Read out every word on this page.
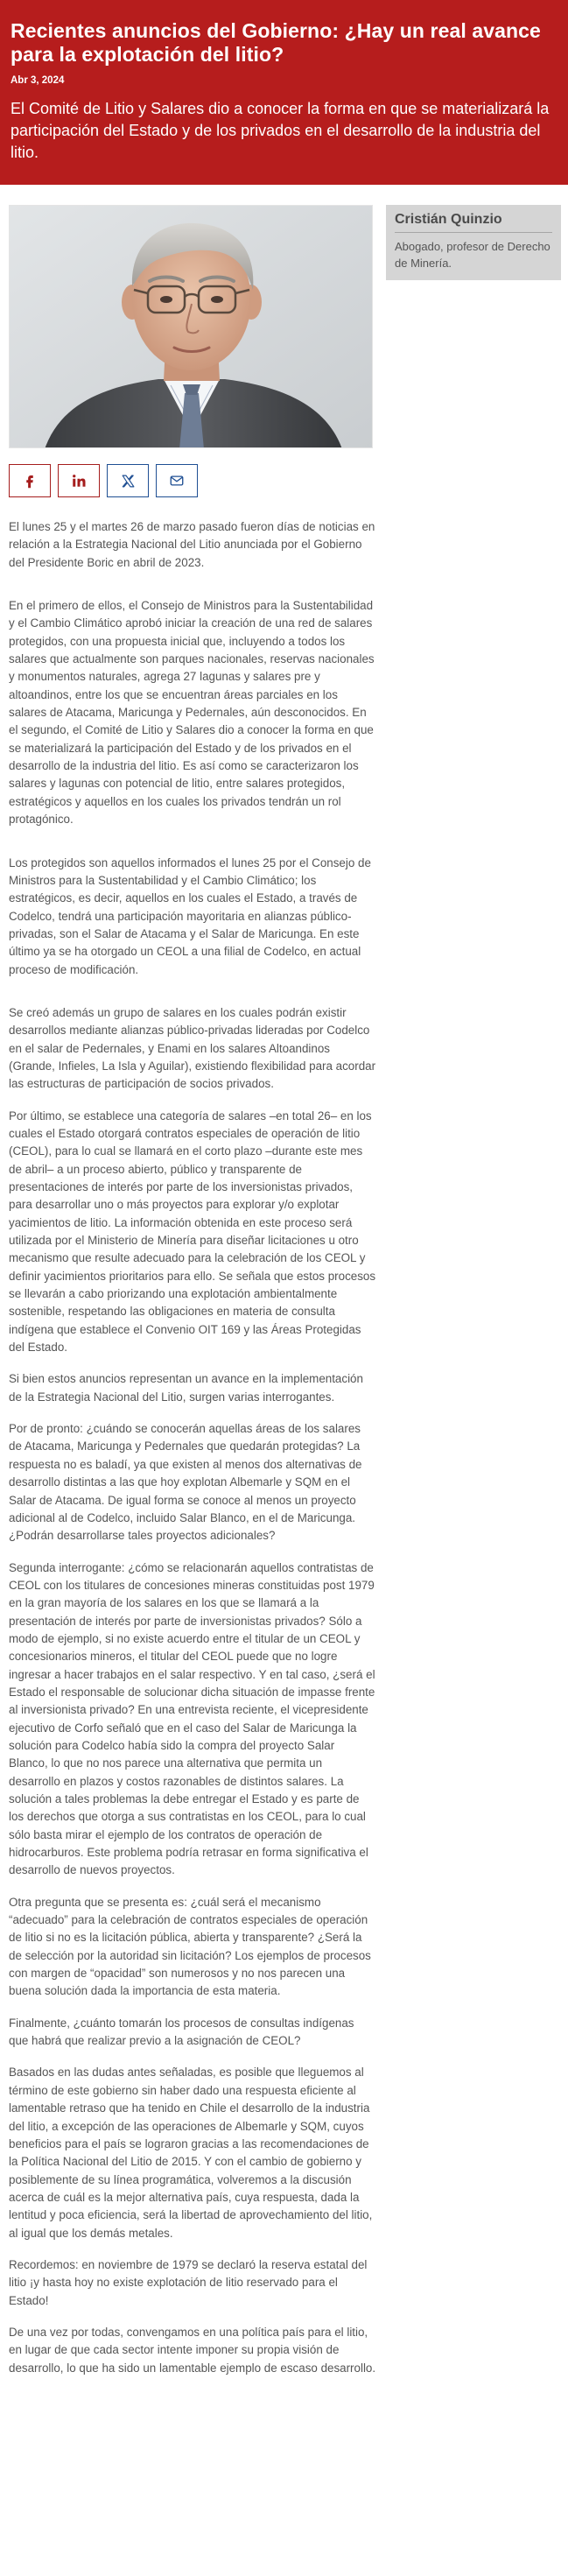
Recientes anuncios del Gobierno: ¿Hay un real avance para la explotación del litio?
Abr 3, 2024

El Comité de Litio y Salares dio a conocer la forma en que se materializará la participación del Estado y de los privados en el desarrollo de la industria del litio.

El lunes 25 y el martes 26 de marzo pasado fueron días de noticias en relación a la Estrategia Nacional del Litio anunciada por el Gobierno del Presidente Boric en abril de 2023.

En el primero de ellos, el Consejo de Ministros para la Sustentabilidad y el Cambio Climático aprobó iniciar la creación de una red de salares protegidos, con una propuesta inicial que, incluyendo a todos los salares que actualmente son parques nacionales, reservas nacionales y monumentos naturales, agrega 27 lagunas y salares pre y altoandinos, entre los que se encuentran áreas parciales en los salares de Atacama, Maricunga y Pedernales, aún desconocidos. En el segundo, el Comité de Litio y Salares dio a conocer la forma en que se materializará la participación del Estado y de los privados en el desarrollo de la industria del litio. Es así como se caracterizaron los salares y lagunas con potencial de litio, entre salares protegidos, estratégicos y aquellos en los cuales los privados tendrán un rol protagónico.

Los protegidos son aquellos informados el lunes 25 por el Consejo de Ministros para la Sustentabilidad y el Cambio Climático; los estratégicos, es decir, aquellos en los cuales el Estado, a través de Codelco, tendrá una participación mayoritaria en alianzas público-privadas, son el Salar de Atacama y el Salar de Maricunga. En este último ya se ha otorgado un CEOL a una filial de Codelco, en actual proceso de modificación.

Se creó además un grupo de salares en los cuales podrán existir desarrollos mediante alianzas público-privadas lideradas por Codelco en el salar de Pedernales, y Enami en los salares Altoandinos (Grande, Infieles, La Isla y Aguilar), existiendo flexibilidad para acordar las estructuras de participación de socios privados.

Por último, se establece una categoría de salares –en total 26– en los cuales el Estado otorgará contratos especiales de operación de litio (CEOL), para lo cual se llamará en el corto plazo –durante este mes de abril– a un proceso abierto, público y transparente de presentaciones de interés por parte de los inversionistas privados, para desarrollar uno o más proyectos para explorar y/o explotar yacimientos de litio. La información obtenida en este proceso será utilizada por el Ministerio de Minería para diseñar licitaciones u otro mecanismo que resulte adecuado para la celebración de los CEOL y definir yacimientos prioritarios para ello. Se señala que estos procesos se llevarán a cabo priorizando una explotación ambientalmente sostenible, respetando las obligaciones en materia de consulta indígena que establece el Convenio OIT 169 y las Áreas Protegidas del Estado.

Si bien estos anuncios representan un avance en la implementación de la Estrategia Nacional del Litio, surgen varias interrogantes.

Por de pronto: ¿cuándo se conocerán aquellas áreas de los salares de Atacama, Maricunga y Pedernales que quedarán protegidas? La respuesta no es baladí, ya que existen al menos dos alternativas de desarrollo distintas a las que hoy explotan Albemarle y SQM en el Salar de Atacama. De igual forma se conoce al menos un proyecto adicional al de Codelco, incluido Salar Blanco, en el de Maricunga. ¿Podrán desarrollarse tales proyectos adicionales?

Segunda interrogante: ¿cómo se relacionarán aquellos contratistas de CEOL con los titulares de concesiones mineras constituidas post 1979 en la gran mayoría de los salares en los que se llamará a la presentación de interés por parte de inversionistas privados? Sólo a modo de ejemplo, si no existe acuerdo entre el titular de un CEOL y concesionarios mineros, el titular del CEOL puede que no logre ingresar a hacer trabajos en el salar respectivo. Y en tal caso, ¿será el Estado el responsable de solucionar dicha situación de impasse frente al inversionista privado? En una entrevista reciente, el vicepresidente ejecutivo de Corfo señaló que en el caso del Salar de Maricunga la solución para Codelco había sido la compra del proyecto Salar Blanco, lo que no nos parece una alternativa que permita un desarrollo en plazos y costos razonables de distintos salares. La solución a tales problemas la debe entregar el Estado y es parte de los derechos que otorga a sus contratistas en los CEOL, para lo cual sólo basta mirar el ejemplo de los contratos de operación de hidrocarburos. Este problema podría retrasar en forma significativa el desarrollo de nuevos proyectos.

Otra pregunta que se presenta es: ¿cuál será el mecanismo “adecuado” para la celebración de contratos especiales de operación de litio si no es la licitación pública, abierta y transparente? ¿Será la de selección por la autoridad sin licitación? Los ejemplos de procesos con margen de “opacidad” son numerosos y no nos parecen una buena solución dada la importancia de esta materia.

Finalmente, ¿cuánto tomarán los procesos de consultas indígenas que habrá que realizar previo a la asignación de CEOL?

Basados en las dudas antes señaladas, es posible que lleguemos al término de este gobierno sin haber dado una respuesta eficiente al lamentable retraso que ha tenido en Chile el desarrollo de la industria del litio, a excepción de las operaciones de Albemarle y SQM, cuyos beneficios para el país se lograron gracias a las recomendaciones de la Política Nacional del Litio de 2015. Y con el cambio de gobierno y posiblemente de su línea programática, volveremos a la discusión acerca de cuál es la mejor alternativa país, cuya respuesta, dada la lentitud y poca eficiencia, será la libertad de aprovechamiento del litio, al igual que los demás metales.

Recordemos: en noviembre de 1979 se declaró la reserva estatal del litio ¡y hasta hoy no existe explotación de litio reservado para el Estado!

De una vez por todas, convengamos en una política país para el litio, en lugar de que cada sector intente imponer su propia visión de desarrollo, lo que ha sido un lamentable ejemplo de escaso desarrollo.

Cristián Quinzio
Abogado, profesor de Derecho de Minería.
